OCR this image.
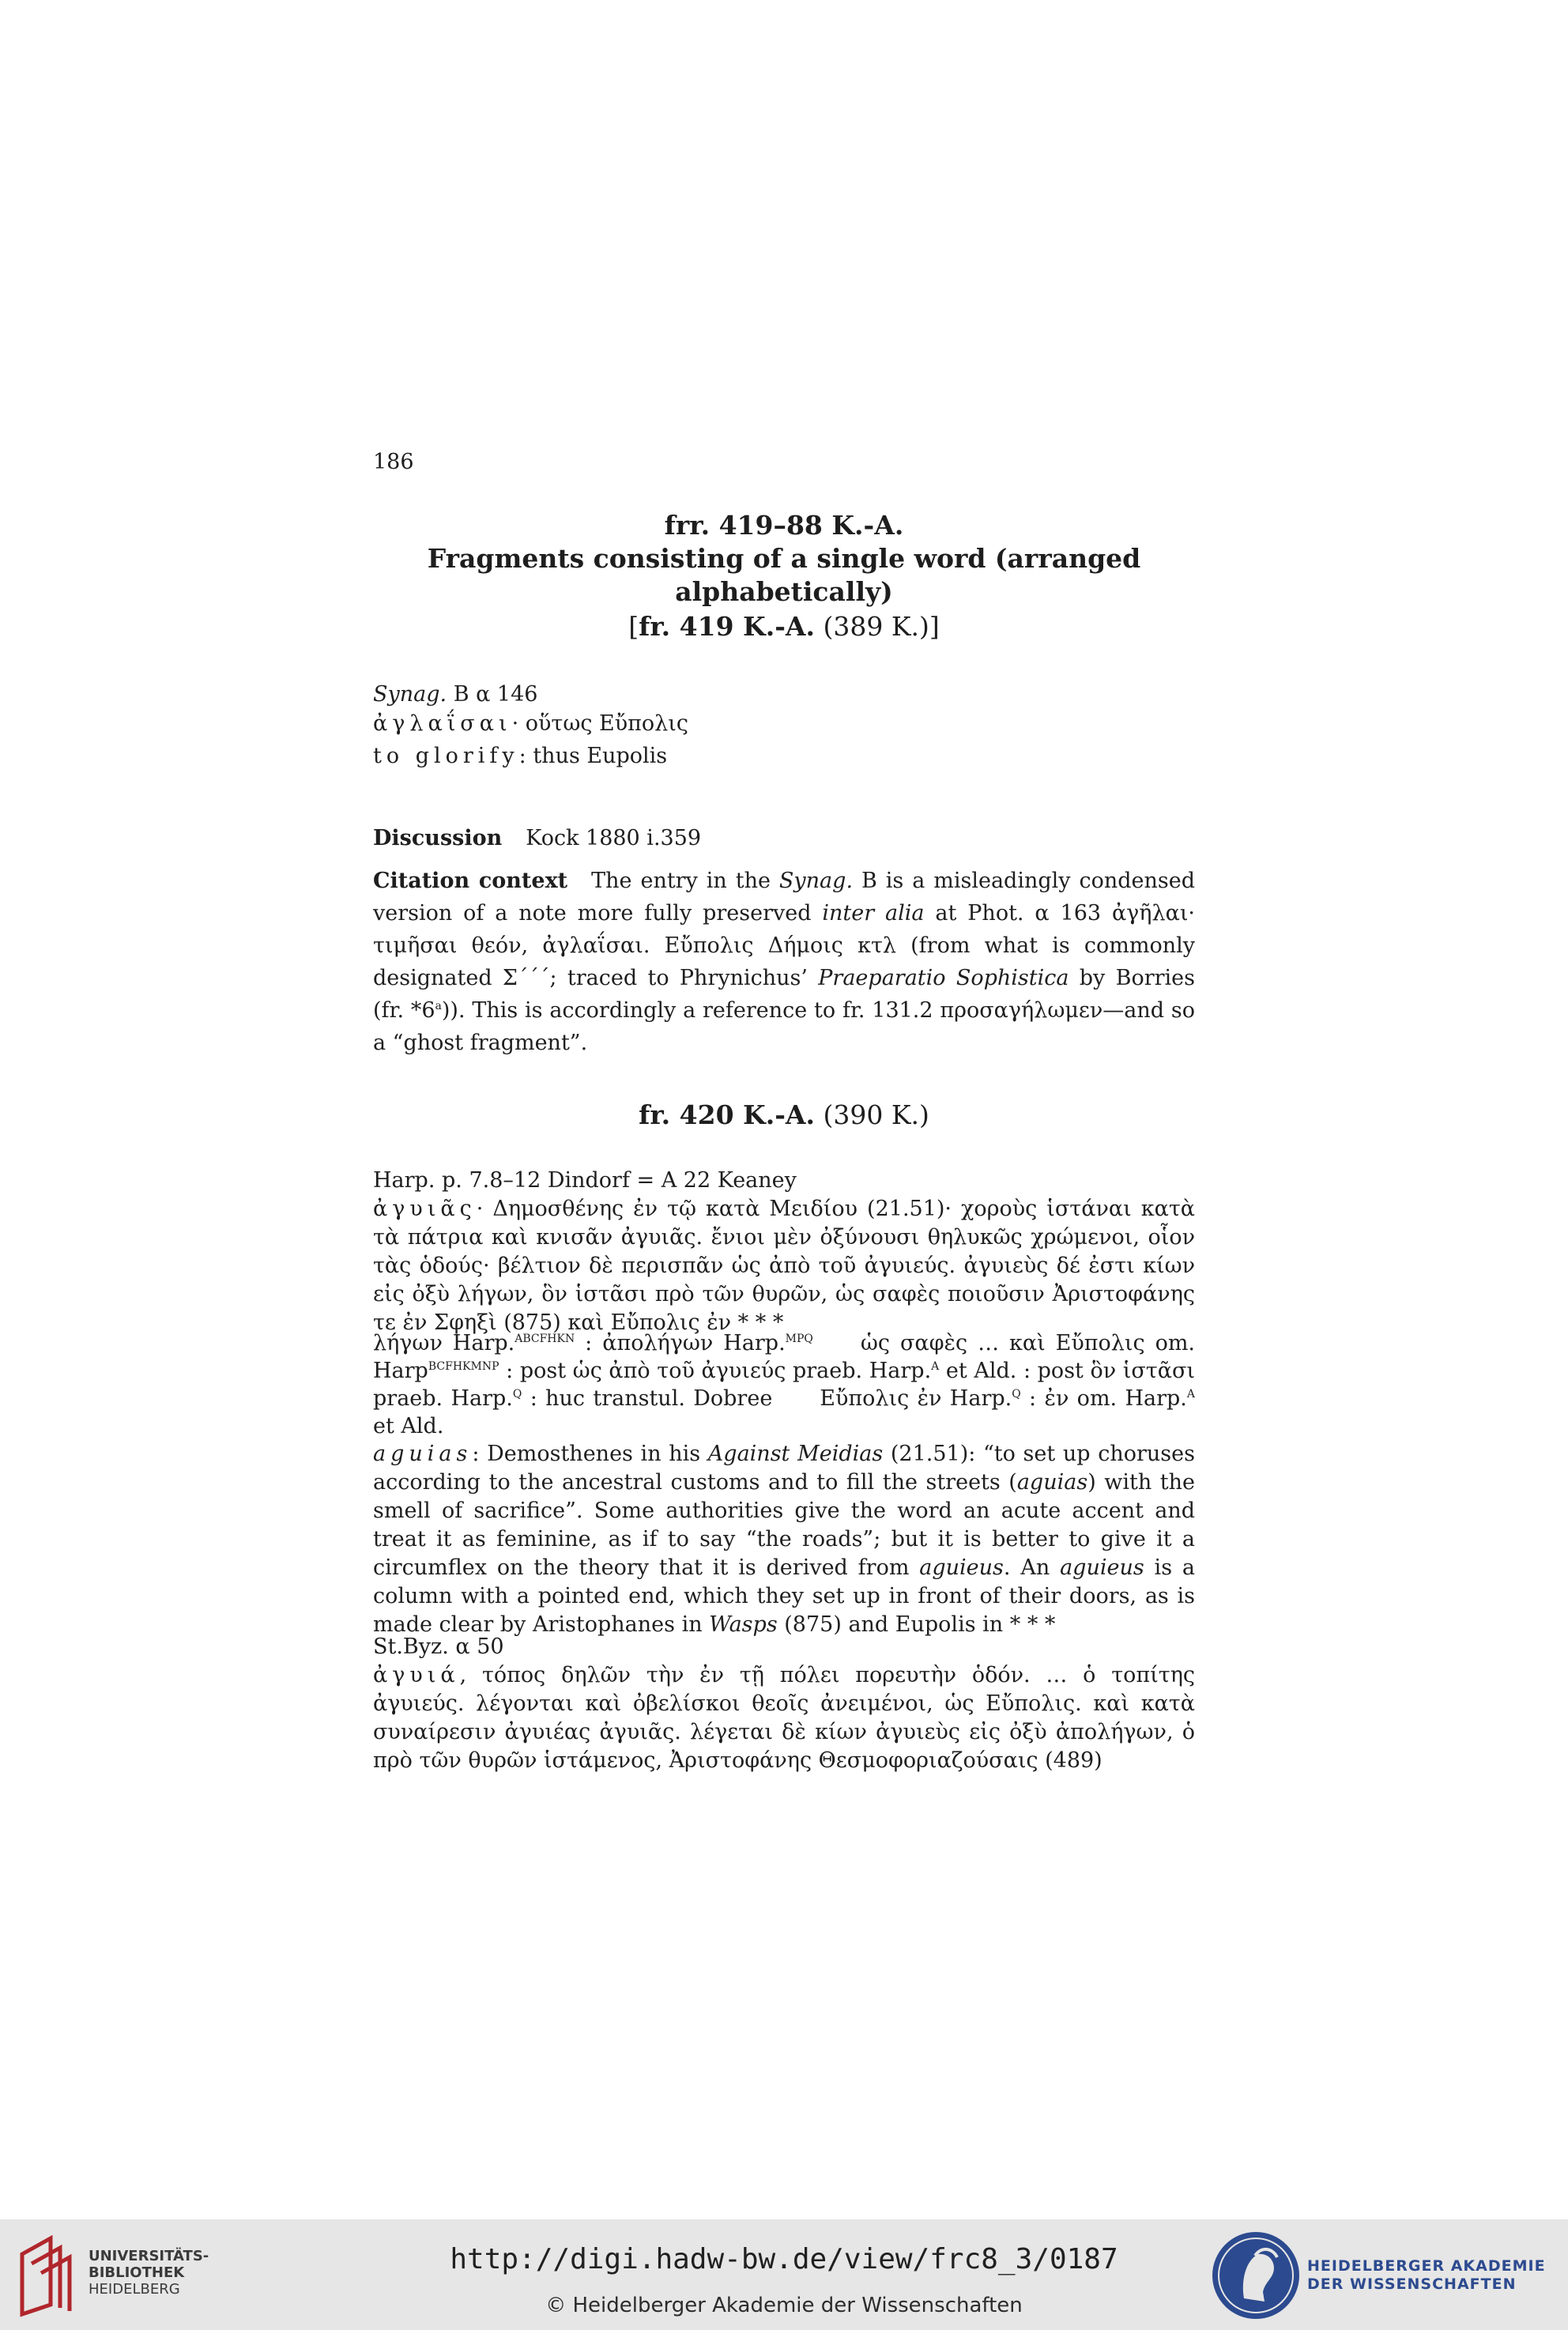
186
frr. 419–88 K.-A.
Fragments consisting of a single word (arranged alphabetically)
[fr. 419 K.-A. (389 K.)]
Synag. B α 146
ἀγλαΐσαι· οὕτως Εὔπολις
to glorify: thus Eupolis
Discussion Kock 1880 i.359
Citation context The entry in the Synag. B is a misleadingly condensed version of a note more fully preserved inter alia at Phot. α 163 ἀγῆλαι· τιμῆσαι θεόν, ἀγλαΐσαι. Εὔπολις Δήμοις κτλ (from what is commonly designated Σ´´´; traced to Phrynichus’ Praeparatio Sophistica by Borries (fr. *6$^a$)). This is accordingly a reference to fr. 131.2 προσαγήλωμεν—and so a “ghost fragment”.
fr. 420 K.-A. (390 K.)
Harp. p. 7.8–12 Dindorf = A 22 Keaney
ἀγυιᾶς· Δημοσθένης ἐν τῷ κατὰ Μειδίου (21.51)· χοροὺς ἱστάναι κατὰ τὰ πάτρια καὶ κνισᾶν ἀγυιᾶς. ἔνιοι μὲν ὀξύνουσι θηλυκῶς χρώμενοι, οἷον τὰς ὁδούς· βέλτιον δὲ περισπᾶν ὡς ἀπὸ τοῦ ἀγυιεύς. ἀγυιεὺς δέ ἐστι κίων εἰς ὀξὺ λήγων, ὃν ἱστᾶσι πρὸ τῶν θυρῶν, ὡς σαφὲς ποιοῦσιν Ἀριστοφάνης τε ἐν Σφηξὶ (875) καὶ Εὔπολις ἐν * * *
λήγων Harp.$^{ABCFHKN}$ : ἀπολήγων Harp.$^{MPQ}$ ὡς σαφὲς … καὶ Εὔπολις om. Harp$^{BCFHKMNP}$ : post ὡς ἀπὸ τοῦ ἀγυιεύς praeb. Harp.$^A$ et Ald. : post ὃν ἱστᾶσι praeb. Harp.$^Q$ : huc transtul. Dobree Εὔπολις ἐν Harp.$^Q$ : ἐν om. Harp.$^A$ et Ald.
aguias: Demosthenes in his Against Meidias (21.51): “to set up choruses according to the ancestral customs and to fill the streets (aguias) with the smell of sacrifice”. Some authorities give the word an acute accent and treat it as feminine, as if to say “the roads”; but it is better to give it a circumflex on the theory that it is derived from aguieus. An aguieus is a column with a pointed end, which they set up in front of their doors, as is made clear by Aristophanes in Wasps (875) and Eupolis in * * *
St.Byz. α 50
ἀγυιά, τόπος δηλῶν τὴν ἐν τῇ πόλει πορευτὴν ὁδόν. … ὁ τοπίτης ἀγυιεύς. λέγονται καὶ ὀβελίσκοι θεοῖς ἀνειμένοι, ὡς Εὔπολις. καὶ κατὰ συναίρεσιν ἀγυιέας ἀγυιᾶς. λέγεται δὲ κίων ἀγυιεὺς εἰς ὀξὺ ἀπολήγων, ὁ πρὸ τῶν θυρῶν ἱστάμενος, Ἀριστοφάνης Θεσμοφοριαζούσαις (489)
UNIVERSITÄTS-
BIBLIOTHEK
HEIDELBERG
http://digi.hadw-bw.de/view/frc8_3/0187
© Heidelberger Akademie der Wissenschaften
HEIDELBERGER AKADEMIE
DER WISSENSCHAFTEN
